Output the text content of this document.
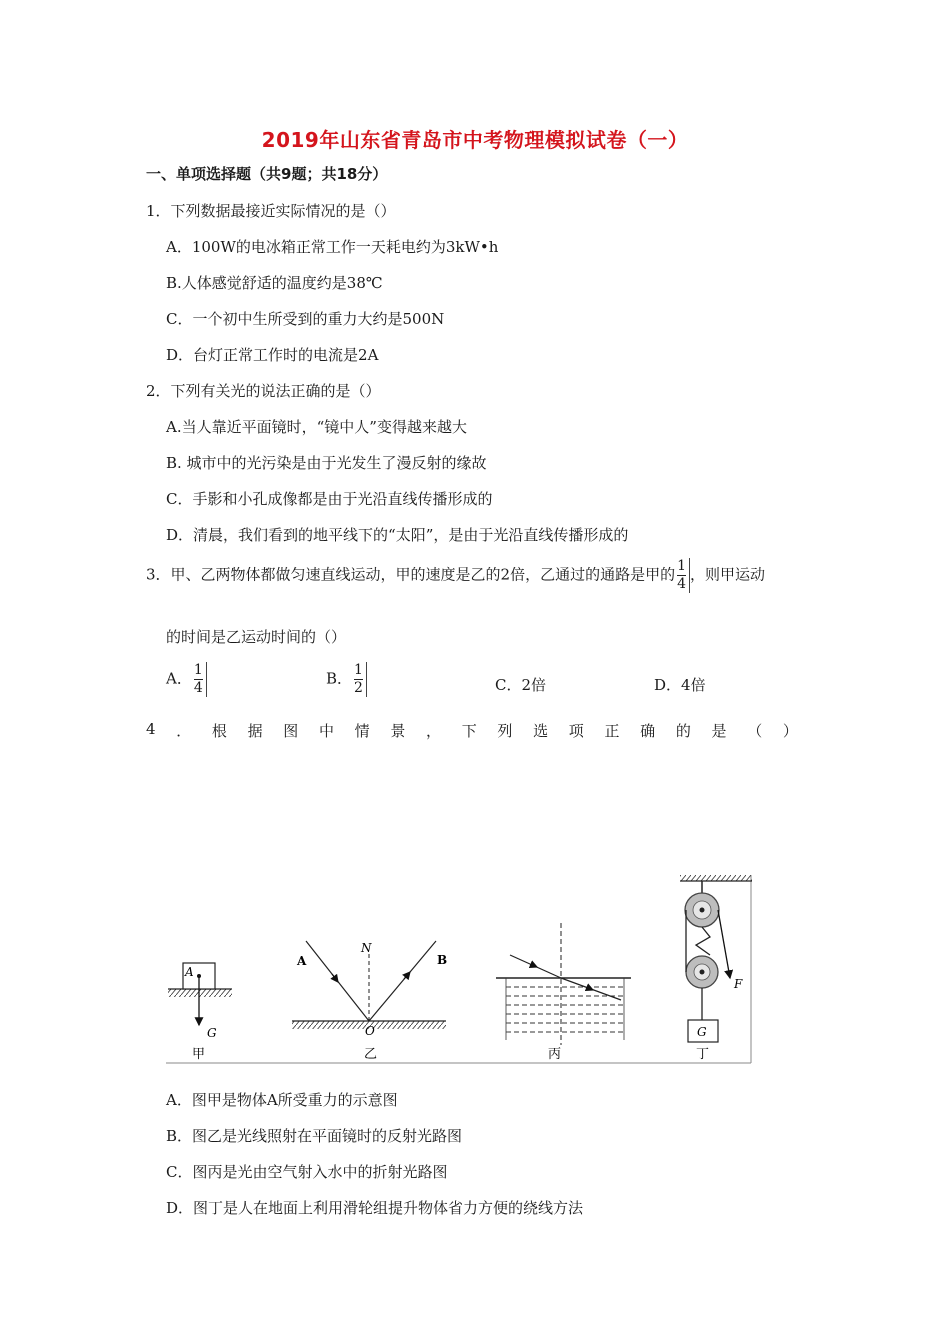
2019年山东省青岛市中考物理模拟试卷（一）
一、单项选择题（共9题；共18分）
1．下列数据最接近实际情况的是（）
A．100W的电冰箱正常工作一天耗电约为3kW•h
B.人体感觉舒适的温度约是38℃
C．一个初中生所受到的重力大约是500N
D．台灯正常工作时的电流是2A
2．下列有关光的说法正确的是（）
A.当人靠近平面镜时，“镜中人”变得越来越大
B. 城市中的光污染是由于光发生了漫反射的缘故
C．手影和小孔成像都是由于光沿直线传播形成的
D．清晨，我们看到的地平线下的“太阳”，是由于光沿直线传播形成的
3．甲、乙两物体都做匀速直线运动，甲的速度是乙的2倍，乙通过的通路是甲的 $\frac{1}{4}$ ，则甲运动
的时间是乙运动时间的（）
A． $\frac{1}{4}$	B． $\frac{1}{2}$	C．2倍	D．4倍
4 ． 根 据 图 中 情 景 ， 下 列 选 项 正 确 的 是 （ ）
A
G
甲
A	B
N
O
乙	丙
F
G
丁
A．图甲是物体A所受重力的示意图
B．图乙是光线照射在平面镜时的反射光路图
C．图丙是光由空气射入水中的折射光路图
D．图丁是人在地面上利用滑轮组提升物体省力方便的绕线方法
